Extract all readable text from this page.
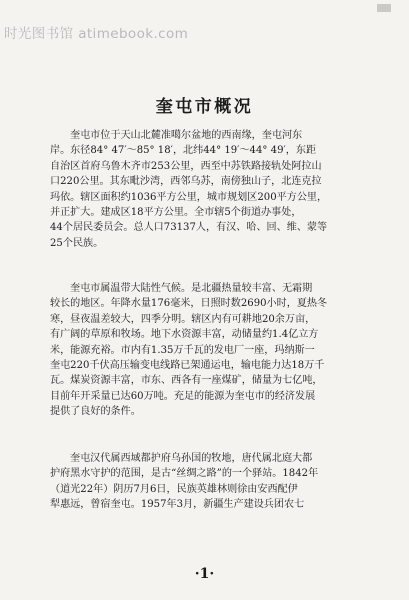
时光图书馆 atimebook.com
奎屯市概况
奎屯市位于天山北麓准噶尔盆地的西南缘，奎屯河东
岸。东径84° 47′～85° 18′，北纬44° 19′～44° 49′，东距
自治区首府乌鲁木齐市253公里，西至中苏铁路接轨处阿拉山
口220公里。其东毗沙湾，西邻乌苏，南傍独山子，北连克拉
玛依。辖区面积约1036平方公里，城市规划区200平方公里，
并正扩大。建成区18平方公里。全市辖5个街道办事处，
44个居民委员会。总人口73137人，有汉、哈、回、维、蒙等
25个民族。
奎屯市属温带大陆性气候。是北疆热量较丰富、无霜期
较长的地区。年降水量176毫米，日照时数2690小时，夏热冬
寒，昼夜温差较大，四季分明。辖区内有可耕地20余万亩，
有广阔的草原和牧场。地下水资源丰富，动储量约1.4亿立方
米，能源充裕。市内有1.35万千瓦的发电厂一座，玛纳斯一
奎屯220千伏高压输变电线路已架通运电，输电能力达18万千
瓦。煤炭资源丰富，市东、西各有一座煤矿，储量为七亿吨，
目前年开采量已达60万吨。充足的能源为奎屯市的经济发展
提供了良好的条件。
奎屯汉代属西域都护府乌孙国的牧地，唐代属北庭大都
护府黑水守护的范围，是古“丝绸之路”的一个驿站。1842年
（道光22年）阴历7月6日，民族英雄林则徐由安西配伊
犁惠远，曾宿奎屯。1957年3月，新疆生产建设兵团农七
·1·
